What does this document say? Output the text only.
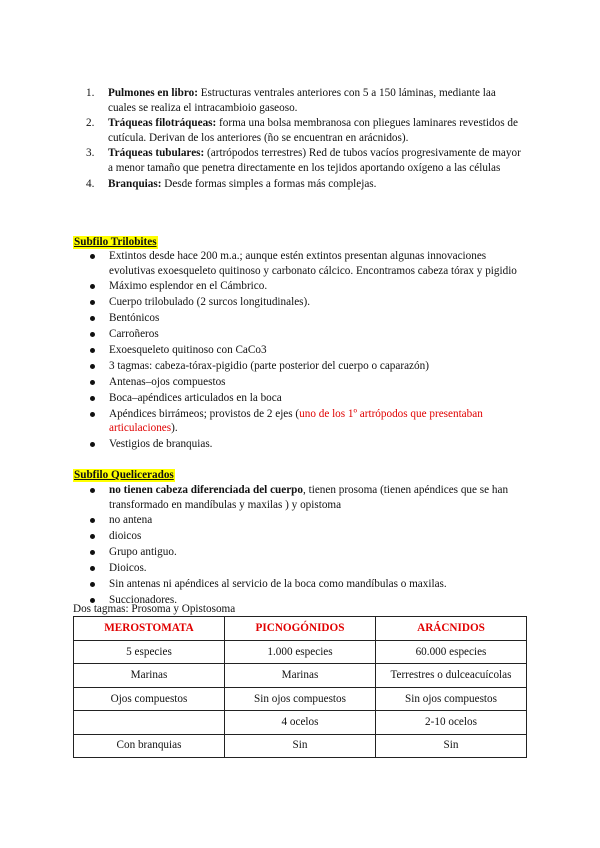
1. Pulmones en libro: Estructuras ventrales anteriores con 5 a 150 láminas, mediante laa cuales se realiza el intracambioio gaseoso.
2. Tráqueas filotráqueas: forma una bolsa membranosa con pliegues laminares revestidos de cutícula. Derivan de los anteriores (ño se encuentran en arácnidos).
3. Tráqueas tubulares: (artrópodos terrestres) Red de tubos vacíos progresivamente de mayor a menor tamaño que penetra directamente en los tejidos aportando oxígeno a las células
4. Branquias: Desde formas simples a formas más complejas.
Subfilo Trilobites
Extintos desde hace 200 m.a.; aunque estén extintos presentan algunas innovaciones evolutivas exoesqueleto quitinoso y carbonato cálcico. Encontramos cabeza tórax y pigidio
Máximo esplendor en el Cámbrico.
Cuerpo trilobulado (2 surcos longitudinales).
Bentónicos
Carroñeros
Exoesqueleto quitinoso con CaCo3
3 tagmas: cabeza-tórax-pigidio (parte posterior del cuerpo o caparazón)
Antenas–ojos compuestos
Boca–apéndices articulados en la boca
Apéndices birrámeos; provistos de 2 ejes (uno de los 1º artrópodos que presentaban articulaciones).
Vestigios de branquias.
Subfilo Quelicerados
no tienen cabeza diferenciada del cuerpo, tienen prosoma (tienen apéndices que se han transformado en mandíbulas y maxilas ) y opistoma
no antena
dioicos
Grupo antiguo.
Dioicos.
Sin antenas ni apéndices al servicio de la boca como mandíbulas o maxilas.
Succionadores.
Dos tagmas: Prosoma y Opistosoma
MEROSTOMATA	PICNOGÓNIDOS	ARÁCNIDOS
5 especies	1.000 especies	60.000 especies
Marinas	Marinas	Terrestres o dulceacuícolas
Ojos compuestos	Sin ojos compuestos	Sin ojos compuestos
	4 ocelos	2-10 ocelos
Con branquias	Sin	Sin
